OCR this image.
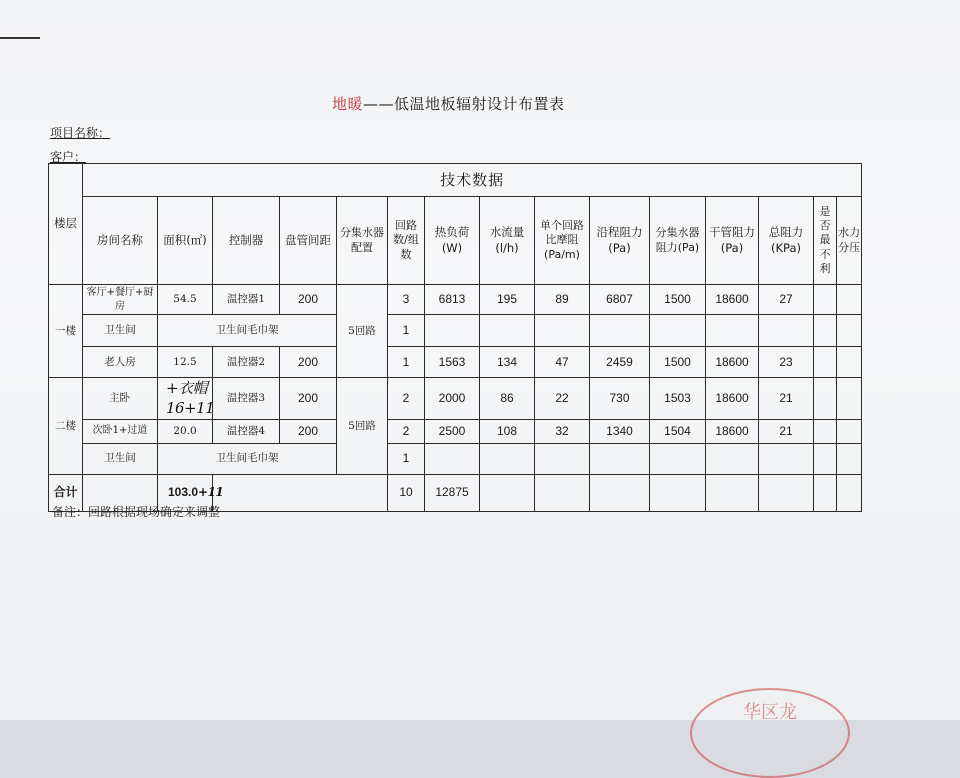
地暖——低温地板辐射设计布置表
项目名称：
客户：
楼层	技术数据														
	房间名称	面积(㎡)	控制器	盘管间距	分集水器配置	回路数/组数	热负荷(W)	水流量(l/h)	单个回路比摩阻(Pa/m)	沿程阻力(Pa)	分集水器阻力(Pa)	干管阻力(Pa)	总阻力(KPa)	是否最不利	水力分压
一楼	客厅+餐厅+厨房	54.5	温控器1	200	5回路	3	6813	195	89	6807	1500	18600	27		
	卫生间	卫生间毛巾架				1									
	老人房	12.5	温控器2	200		1	1563	134	47	2459	1500	18600	23		
二楼	主卧	+衣帽 16+11	温控器3	200	5回路	2	2000	86	22	730	1503	18600	21		
	次卧1+过道	20.0	温控器4	200		2	2500	108	32	1340	1504	18600	21		
	卫生间	卫生间毛巾架				1									
合计		103.0+11				10	12875								
备注：回路根据现场确定来调整
华区龙
